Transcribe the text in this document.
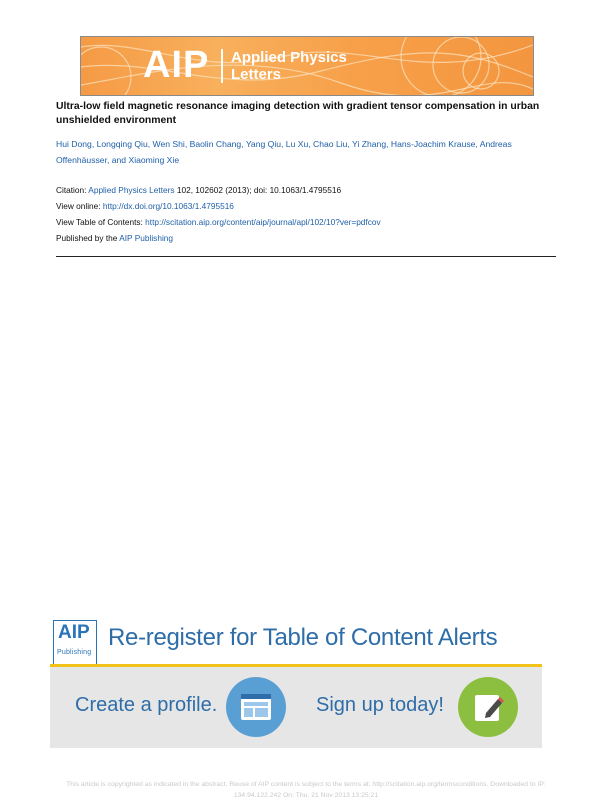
AIP Applied Physics
Letters
Ultra-low field magnetic resonance imaging detection with gradient tensor compensation in urban unshielded environment
Hui Dong, Longqing Qiu, Wen Shi, Baolin Chang, Yang Qiu, Lu Xu, Chao Liu, Yi Zhang, Hans-Joachim Krause, Andreas Offenhäusser, and Xiaoming Xie
Citation: Applied Physics Letters 102, 102602 (2013); doi: 10.1063/1.4795516
View online: http://dx.doi.org/10.1063/1.4795516
View Table of Contents: http://scitation.aip.org/content/aip/journal/apl/102/10?ver=pdfcov
Published by the AIP Publishing
AIP
Publishing
Re-register for Table of Content Alerts
Create a profile.	Sign up today!
This article is copyrighted as indicated in the abstract. Reuse of AIP content is subject to the terms at: http://scitation.aip.org/termsconditions. Downloaded to IP:
134.94.122.242 On: Thu, 21 Nov 2013 13:25:21
